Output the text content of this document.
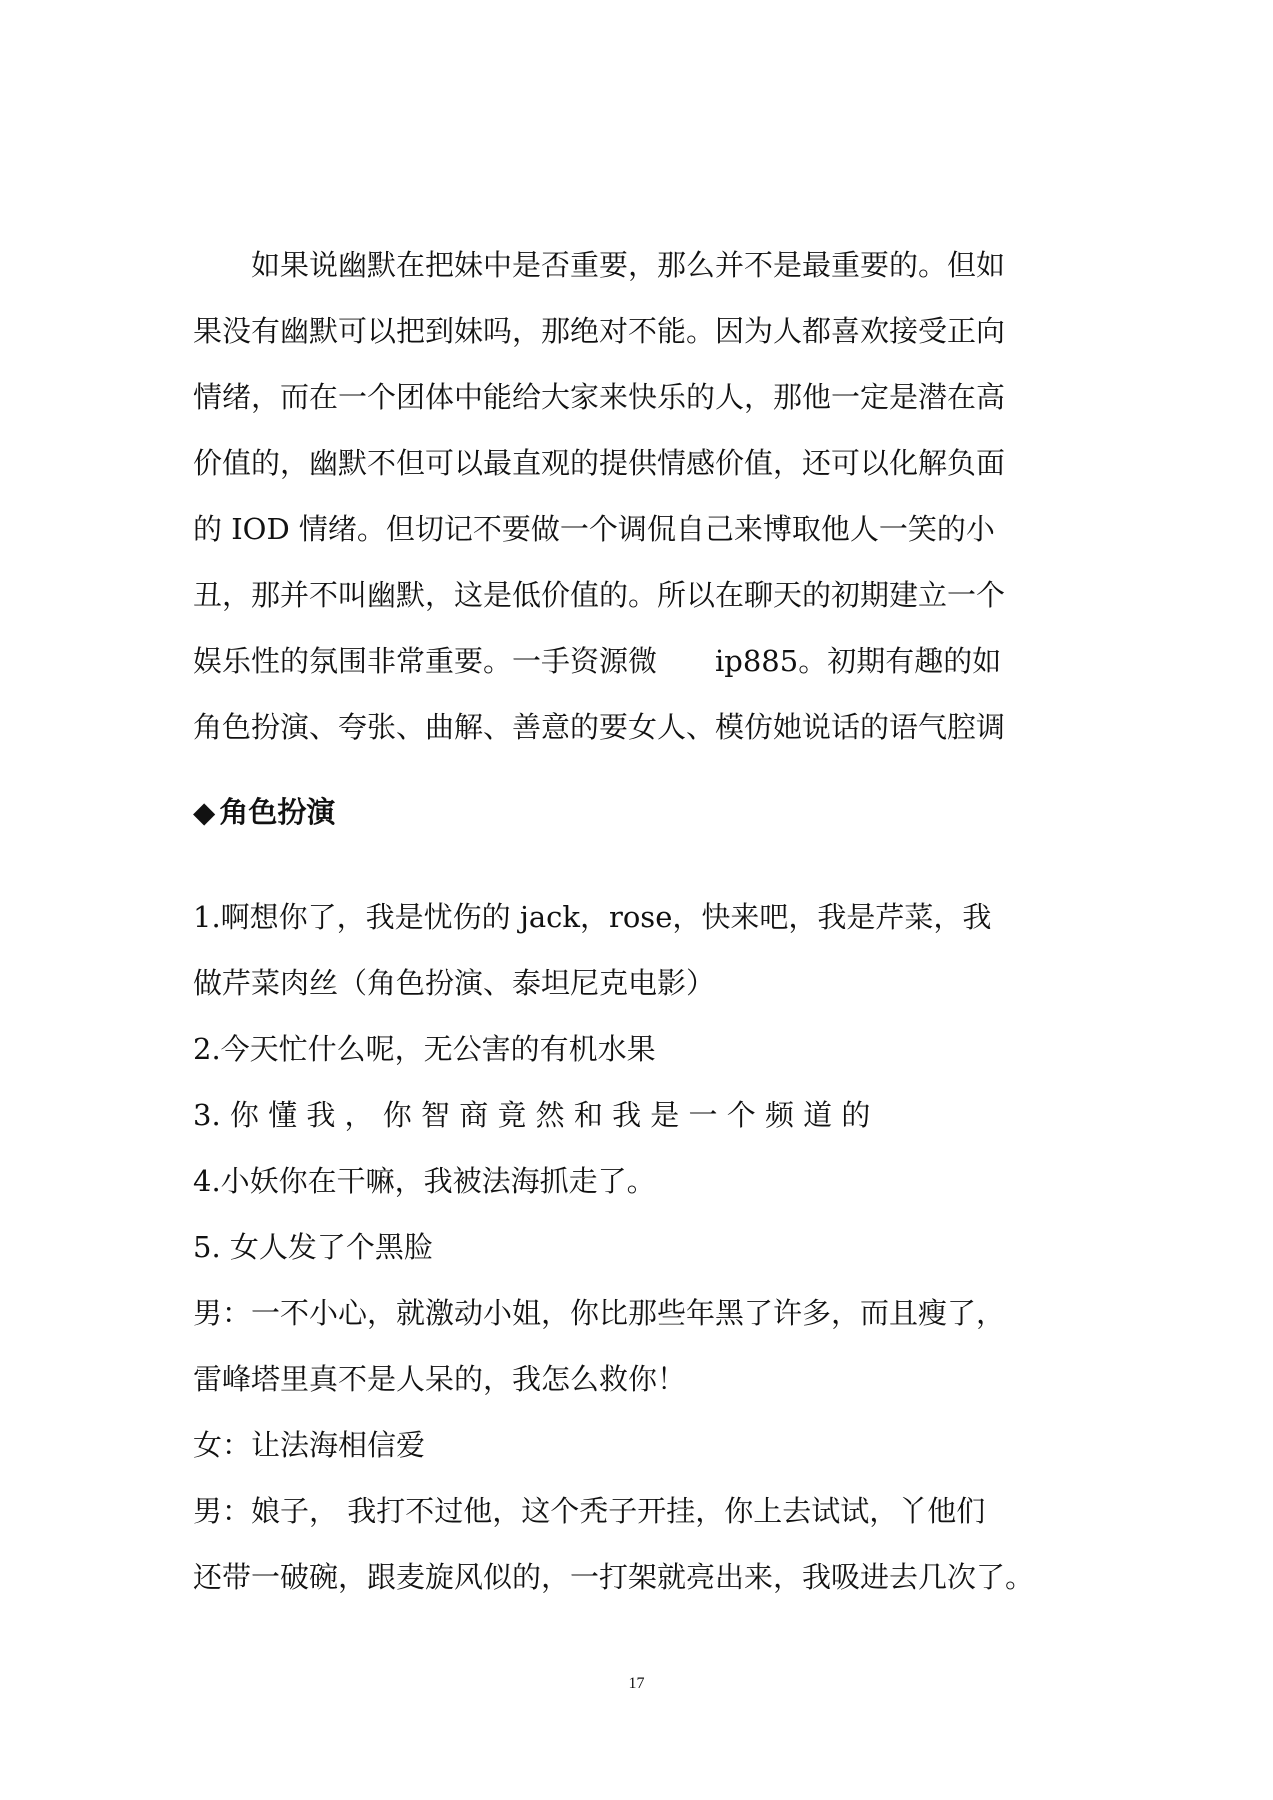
如果说幽默在把妹中是否重要，那么并不是最重要的。但如
果没有幽默可以把到妹吗，那绝对不能。因为人都喜欢接受正向
情绪，而在一个团体中能给大家来快乐的人，那他一定是潜在高
价值的，幽默不但可以最直观的提供情感价值，还可以化解负面
的 IOD 情绪。但切记不要做一个调侃自己来博取他人一笑的小
丑，那并不叫幽默，这是低价值的。所以在聊天的初期建立一个
娱乐性的氛围非常重要。一手资源微　　ip885。初期有趣的如
角色扮演、夸张、曲解、善意的要女人、模仿她说话的语气腔调
◆ 角色扮演
1.啊想你了，我是忧伤的 jack，rose，快来吧，我是芹菜，我
做芹菜肉丝（角色扮演、泰坦尼克电影）
2.今天忙什么呢，无公害的有机水果
3. 你 懂 我 ， 你 智 商 竟 然 和 我 是 一 个 频 道 的
4.小妖你在干嘛，我被法海抓走了。
5. 女人发了个黑脸
男：一不小心，就激动小姐，你比那些年黑了许多，而且瘦了，
雷峰塔里真不是人呆的，我怎么救你！
女：让法海相信爱
男：娘子， 我打不过他，这个秃子开挂，你上去试试，丫他们
还带一破碗，跟麦旋风似的，一打架就亮出来，我吸进去几次了。
17
